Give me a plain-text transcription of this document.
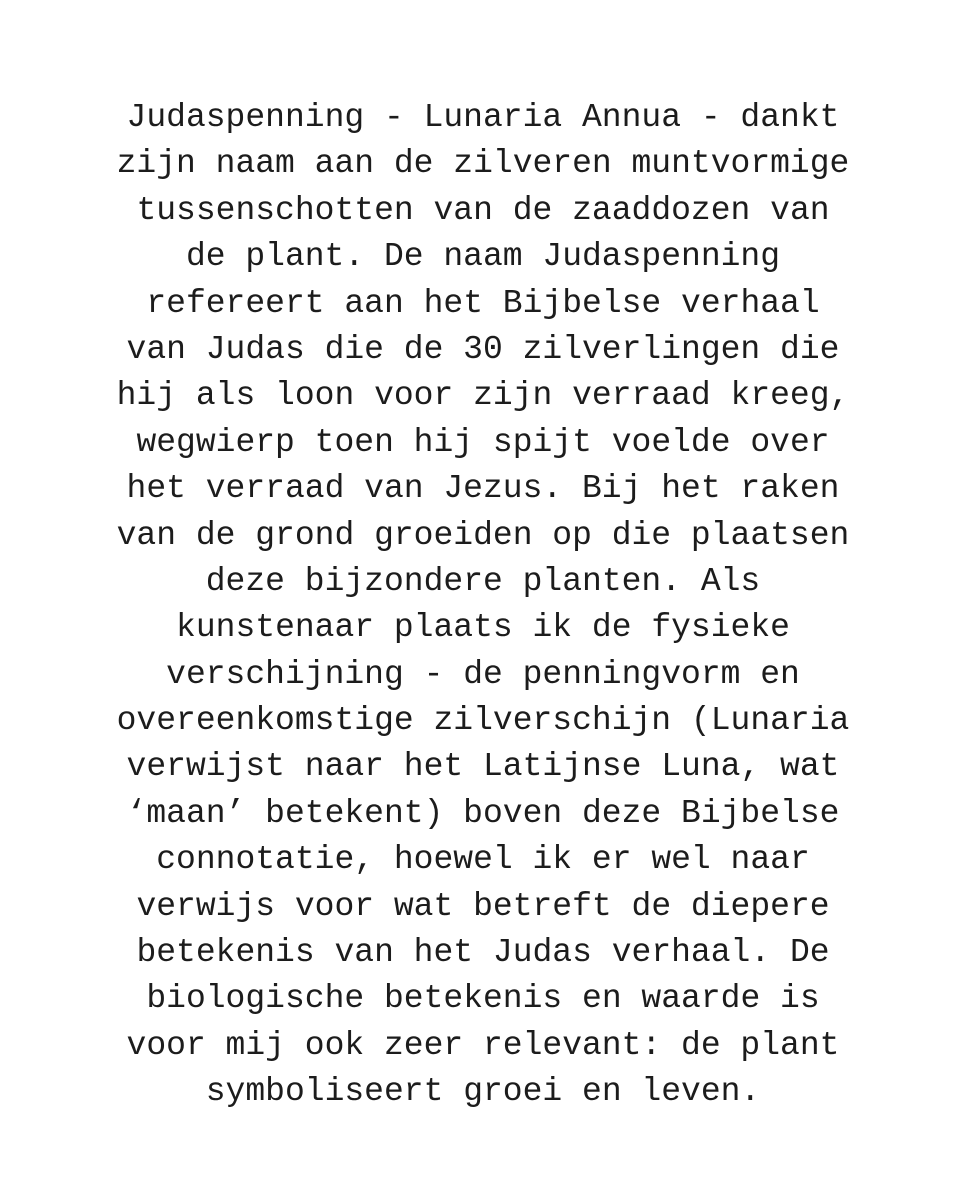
Judaspenning - Lunaria Annua - dankt
zijn naam aan de zilveren muntvormige
tussenschotten van de zaaddozen van
de plant. De naam Judaspenning
refereert aan het Bijbelse verhaal
van Judas die de 30 zilverlingen die
hij als loon voor zijn verraad kreeg,
wegwierp toen hij spijt voelde over
het verraad van Jezus. Bij het raken
van de grond groeiden op die plaatsen
deze bijzondere planten. Als
kunstenaar plaats ik de fysieke
verschijning - de penningvorm en
overeenkomstige zilverschijn (Lunaria
verwijst naar het Latijnse Luna, wat
‘maan’ betekent) boven deze Bijbelse
connotatie, hoewel ik er wel naar
verwijs voor wat betreft de diepere
betekenis van het Judas verhaal. De
biologische betekenis en waarde is
voor mij ook zeer relevant: de plant
symboliseert groei en leven.
